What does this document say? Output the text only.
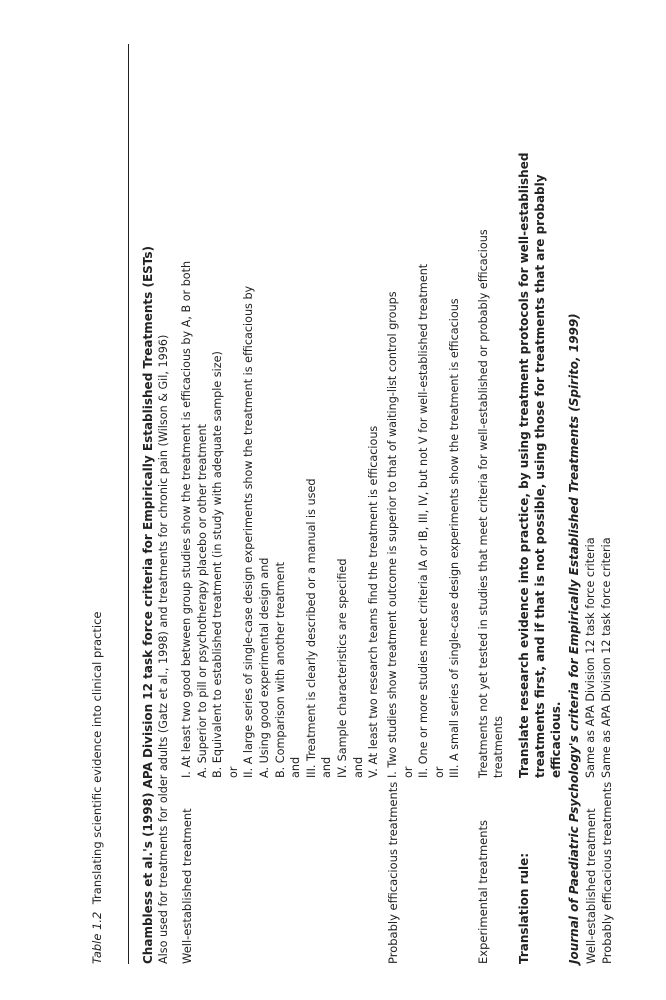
Table 1.2  Translating scientific evidence into clinical practice	Chambless et al.'s (1998) APA Division 12 task force criteria for Empirically Established Treatments (ESTs) Also used for treatments for older adults (Gatz et al., 1998) and treatments for chronic pain (Wilson & Gil, 1996) Well-established treatment
I. At least two good between group studies show the treatment is efficacious by A, B or both A. Superior to pill or psychotherapy placebo or other treatment B. Equivalent to established treatment (in study with adequate sample size) or II. A large series of single-case design experiments show the treatment is efficacious by A. Using good experimental design and B. Comparison with another treatment and III. Treatment is clearly described or a manual is used and IV. Sample characteristics are specified and V. At least two research teams find the treatment is efficacious
Probably efficacious treatments
I. Two studies show treatment outcome is superior to that of waiting-list control groups or II. One or more studies meet criteria IA or IB, III, IV, but not V for well-established treatment or III. A small series of single-case design experiments show the treatment is efficacious
Experimental treatments
Treatments not yet tested in studies that meet criteria for well-established or probably efficacious treatments
Translation rule:
Translate research evidence into practice, by using treatment protocols for well-established treatments first, and if that is not possible, using those for treatments that are probably efficacious. Journal of Paediatric Psychology's criteria for Empirically Established Treatments (Spirito, 1999) Well-established treatment
Same as APA Division 12 task force criteria
Probably efficacious treatments
Same as APA Division 12 task force criteria
